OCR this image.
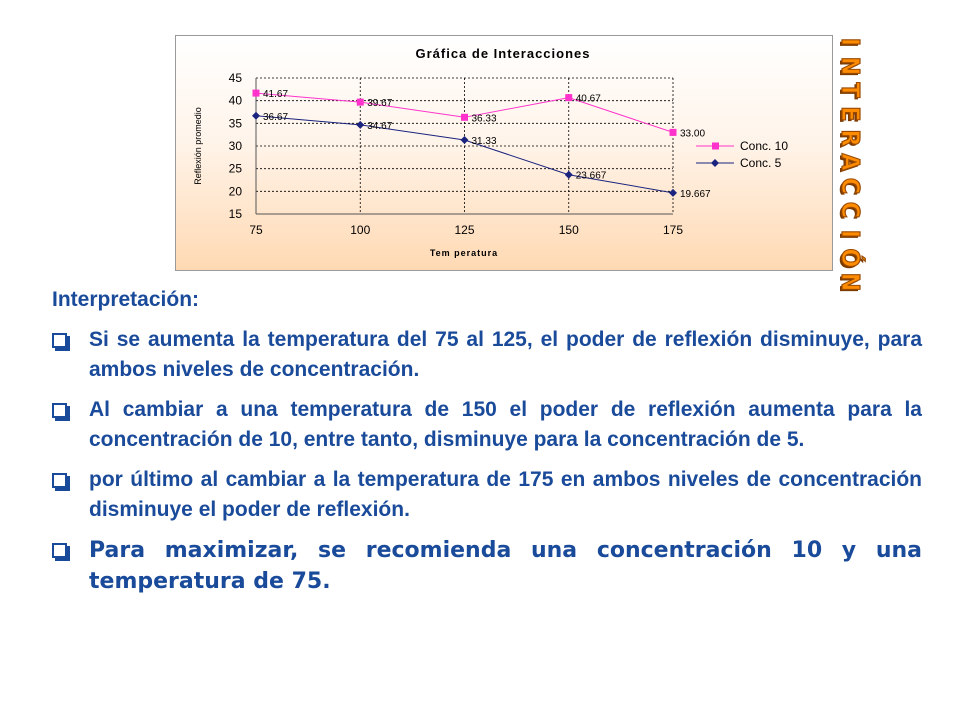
Gráfica de Interacciones
Reflexión promedio
Tem peratura
15
20
25
30
35
40
45
75	100	125	150	175
41.67
39.67
36.33
40.67
33.00
36.67
34.67
31.33
23.667
19.667
Conc. 10
Conc. 5
I
N
T
E
R
A
C
C
I
Ó
N
Interpretación:
Si se aumenta la temperatura del 75 al 125, el poder de reflexión disminuye, para ambos niveles de concentración.
Al cambiar a una temperatura de 150 el poder de reflexión aumenta para la concentración de 10, entre tanto, disminuye para la concentración de 5.
por último al cambiar a la temperatura de 175 en ambos niveles de concentración disminuye el poder de reflexión.
Para maximizar, se recomienda una concentración 10 y una temperatura de 75.
